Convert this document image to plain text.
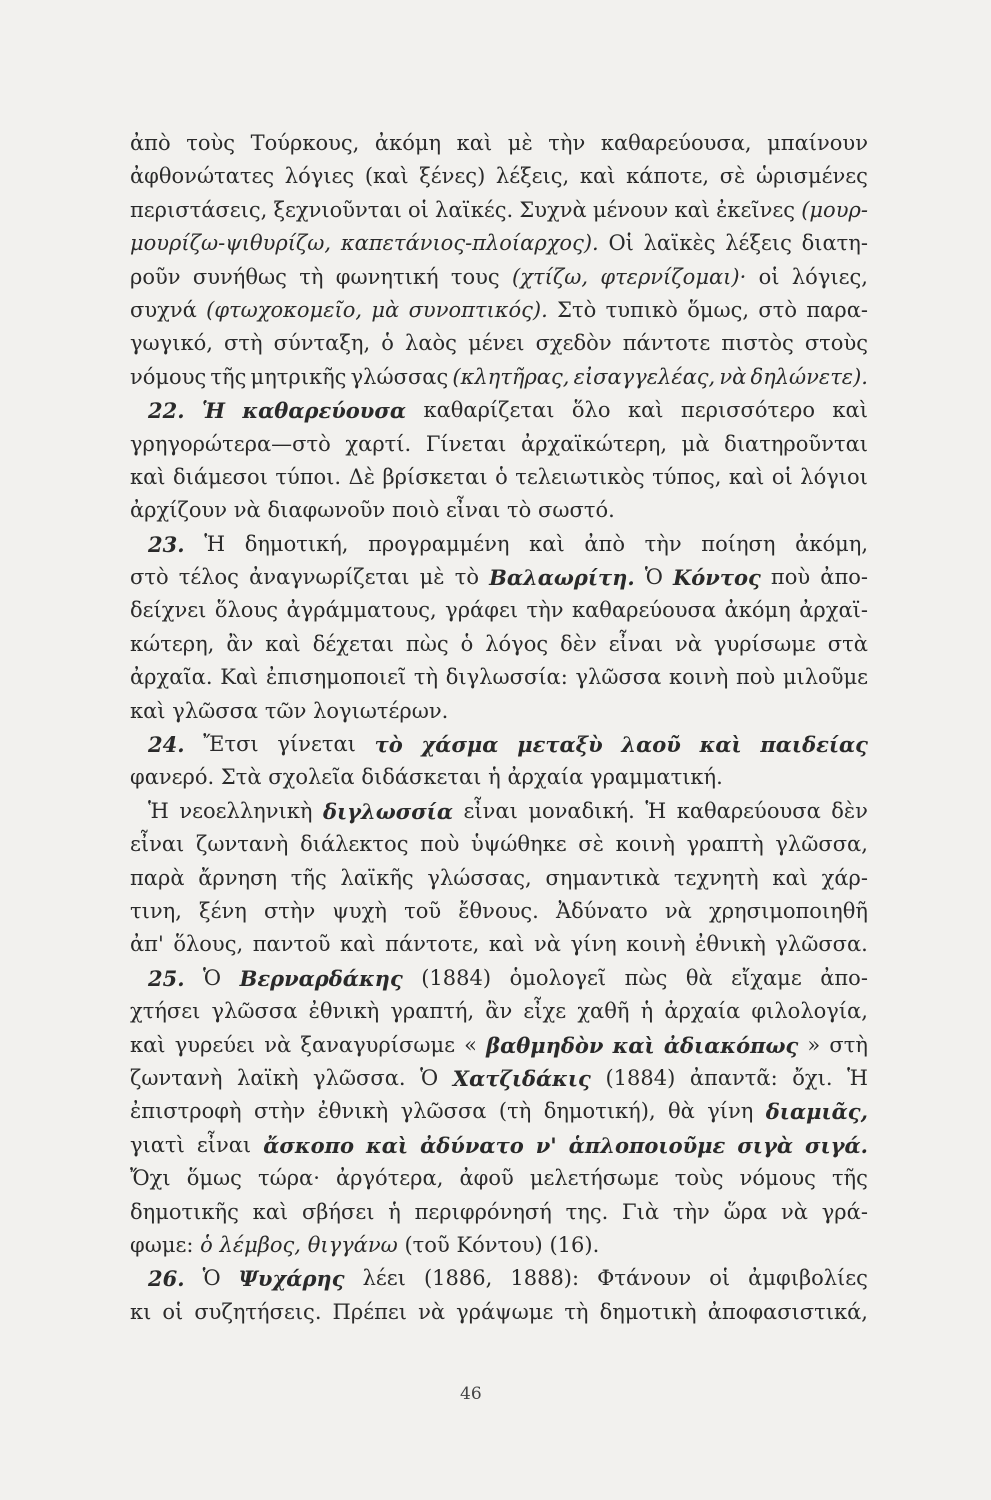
ἀπὸ τοὺς Τούρκους, ἀκόμη καὶ μὲ τὴν καθαρεύουσα, μπαίνουν
ἀφθονώτατες λόγιες (καὶ ξένες) λέξεις, καὶ κάποτε, σὲ ὡρισμένες
περιστάσεις, ξεχνιοῦνται οἱ λαϊκές. Συχνὰ μένουν καὶ ἐκεῖνες (μουρ-
μουρίζω-ψιθυρίζω, καπετάνιος-πλοίαρχος). Οἱ λαϊκὲς λέξεις διατη-
ροῦν συνήθως τὴ φωνητική τους (χτίζω, φτερνίζομαι)· οἱ λόγιες,
συχνά (φτωχοκομεῖο, μὰ συνοπτικός). Στὸ τυπικὸ ὅμως, στὸ παρα-
γωγικό, στὴ σύνταξη, ὁ λαὸς μένει σχεδὸν πάντοτε πιστὸς στοὺς
νόμους τῆς μητρικῆς γλώσσας (κλητῆρας, εἰσαγγελέας, νὰ δηλώνετε).
22. Ἡ καθαρεύουσα καθαρίζεται ὅλο καὶ περισσότερο καὶ
γρηγορώτερα—στὸ χαρτί. Γίνεται ἀρχαϊκώτερη, μὰ διατηροῦνται
καὶ διάμεσοι τύποι. Δὲ βρίσκεται ὁ τελειωτικὸς τύπος, καὶ οἱ λόγιοι
ἀρχίζουν νὰ διαφωνοῦν ποιὸ εἶναι τὸ σωστό.
23. Ἡ δημοτική, προγραμμένη καὶ ἀπὸ τὴν ποίηση ἀκόμη,
στὸ τέλος ἀναγνωρίζεται μὲ τὸ Βαλαωρίτη. Ὁ Κόντος ποὺ ἀπο-
δείχνει ὅλους ἀγράμματους, γράφει τὴν καθαρεύουσα ἀκόμη ἀρχαϊ-
κώτερη, ἂν καὶ δέχεται πὼς ὁ λόγος δὲν εἶναι νὰ γυρίσωμε στὰ
ἀρχαῖα. Καὶ ἐπισημοποιεῖ τὴ διγλωσσία: γλῶσσα κοινὴ ποὺ μιλοῦμε
καὶ γλῶσσα τῶν λογιωτέρων.
24. Ἔτσι γίνεται τὸ χάσμα μεταξὺ λαοῦ καὶ παιδείας
φανερό. Στὰ σχολεῖα διδάσκεται ἡ ἀρχαία γραμματική.
Ἡ νεοελληνικὴ διγλωσσία εἶναι μοναδική. Ἡ καθαρεύουσα δὲν
εἶναι ζωντανὴ διάλεκτος ποὺ ὑψώθηκε σὲ κοινὴ γραπτὴ γλῶσσα,
παρὰ ἄρνηση τῆς λαϊκῆς γλώσσας, σημαντικὰ τεχνητὴ καὶ χάρ-
τινη, ξένη στὴν ψυχὴ τοῦ ἔθνους. Ἀδύνατο νὰ χρησιμοποιηθῆ
ἀπ' ὅλους, παντοῦ καὶ πάντοτε, καὶ νὰ γίνη κοινὴ ἐθνικὴ γλῶσσα.
25. Ὁ Βερναρδάκης (1884) ὁμολογεῖ πὼς θὰ εἴχαμε ἀπο-
χτήσει γλῶσσα ἐθνικὴ γραπτή, ἂν εἶχε χαθῆ ἡ ἀρχαία φιλολογία,
καὶ γυρεύει νὰ ξαναγυρίσωμε « βαθμηδὸν καὶ ἀδιακόπως » στὴ
ζωντανὴ λαϊκὴ γλῶσσα. Ὁ Χατζιδάκις (1884) ἀπαντᾶ: ὄχι. Ἡ
ἐπιστροφὴ στὴν ἐθνικὴ γλῶσσα (τὴ δημοτική), θὰ γίνη διαμιᾶς,
γιατὶ εἶναι ἄσκοπο καὶ ἀδύνατο ν' ἁπλοποιοῦμε σιγὰ σιγά.
Ὄχι ὅμως τώρα· ἀργότερα, ἀφοῦ μελετήσωμε τοὺς νόμους τῆς
δημοτικῆς καὶ σβήσει ἡ περιφρόνησή της. Γιὰ τὴν ὥρα νὰ γρά-
φωμε: ὁ λέμβος, θιγγάνω (τοῦ Κόντου) (16).
26. Ὁ Ψυχάρης λέει (1886, 1888): Φτάνουν οἱ ἀμφιβολίες
κι οἱ συζητήσεις. Πρέπει νὰ γράψωμε τὴ δημοτικὴ ἀποφασιστικά,
46
